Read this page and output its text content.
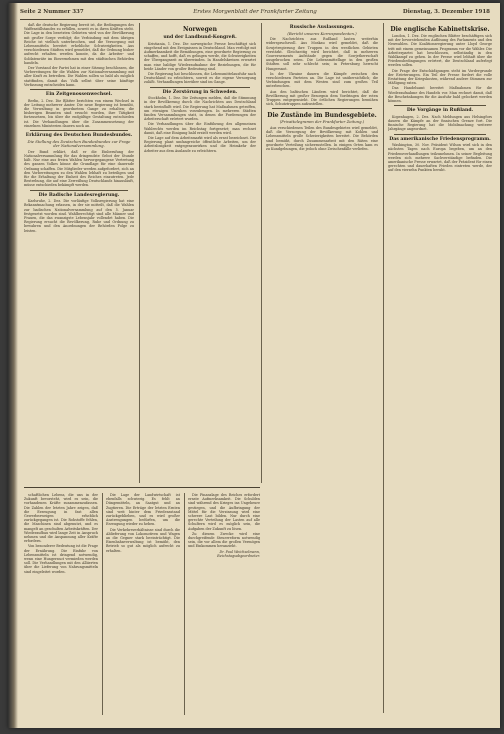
Seite 2 Nummer 337	Erstes Morgenblatt der Frankfurter Zeitung	Dienstag, 3. Dezember 1918

daß die deutsche Regierung bereit ist, die Bedingungen des Waffenstillstandes zu erfüllen, soweit es in ihren Kräften steht. Die Lage in den besetzten Gebieten wird von der Bevölkerung mit großer Sorge verfolgt; die Verbindung mit dem übrigen Reiche ist vielfach unterbrochen, und die Versorgung mit Lebensmitteln bereitet erhebliche Schwierigkeiten. Aus verschiedenen Städten wird gemeldet, daß die Ordnung bisher aufrecht erhalten werden konnte, da die Arbeiter- und Soldatenräte im Einvernehmen mit den städtischen Behörden handeln.

Der Vorstand der Partei hat in einer Sitzung beschlossen, die Vorbereitungen für die Wahlen zur Nationalversammlung mit aller Kraft zu betreiben. Die Wahlen sollen so bald als möglich stattfinden, damit das Volk selbst über seine künftige Verfassung entscheiden kann.

Ein Zeitgenossenwechsel.

Berlin, 2. Dez. Die Blätter berichten von einem Wechsel in der Leitung mehrerer Ämter. Die neue Regierung ist bemüht, die Verwaltung in geordnetem Gange zu erhalten; die bisherigen Beamten sind ersucht worden, ihre Tätigkeit fortzusetzen, bis über die endgültige Gestaltung entschieden ist. Die Verhandlungen über die Zusammensetzung der einzelnen Ministerien dauern noch an.

Erklärung des Deutschen Bundesbundes.
Die Stellung des Deutschen Bundesbundes zur Frage der Nationalversammlung.

Der Bund erklärt, daß er die Einberufung der Nationalversammlung für das dringendste Gebot der Stunde hält. Nur eine aus freien Wahlen hervorgegangene Vertretung des ganzen Volkes könne die Grundlage für eine dauernde Ordnung schaffen. Die Mitglieder werden aufgefordert, sich an den Vorbereitungen zu den Wahlen lebhaft zu beteiligen und für die Erhaltung der Einheit des Reiches einzutreten. Jede Bestrebung, die auf eine Zerreißung Deutschlands hinausläuft, müsse entschieden bekämpft werden.

Die Badische Landesregierung.

Karlsruhe, 2. Dez. Die vorläufige Volksregierung hat eine Bekanntmachung erlassen, in der sie mitteilt, daß die Wahlen zur badischen Nationalversammlung auf den 5. Januar festgesetzt worden sind. Wahlberechtigt sind alle Männer und Frauen, die das zwanzigste Lebensjahr vollendet haben. Die Regierung ersucht die Bevölkerung, Ruhe und Ordnung zu bewahren und den Anordnungen der Behörden Folge zu leisten.

Norwegen
und der Landbund-Kongreß.

Kristiania, 1. Dez. Die norwegische Presse beschäftigt sich eingehend mit den Ereignissen in Deutschland. Man verfolgt mit Aufmerksamkeit die Bemühungen, eine geordnete Regierung zu schaffen, und hofft, daß es gelingen werde, die Schwierigkeiten der Übergangszeit zu überwinden. In Handelskreisen erwartet man eine baldige Wiederaufnahme der Beziehungen, die für beide Länder von großer Bedeutung sind.

Die Regierung hat beschlossen, die Lebensmittelausfuhr nach Deutschland zu erleichtern, soweit es die eigene Versorgung zuläßt. Verhandlungen hierüber sind im Gange.

Die Zerstörung in Schweden.

Stockholm, 1. Dez. Die Zeitungen melden, daß die Stimmung in der Bevölkerung durch die Nachrichten aus Deutschland stark beeinflußt wird. Die Regierung hat Maßnahmen getroffen, um etwaigen Unruhen vorzubeugen. In mehreren Städten fanden Versammlungen statt, in denen die Forderungen der Arbeiterschaft erörtert wurden.

Die Verhandlungen über die Einführung des allgemeinen Wahlrechts werden im Reichstag fortgesetzt; man rechnet damit, daß eine Einigung bald erzielt werden wird.

Die Lage auf dem Arbeitsmarkt wird als ernst bezeichnet. Die Regierung plant umfangreiche öffentliche Arbeiten, um der Arbeitslosigkeit entgegenzuwirken und die Heimkehr der Arbeiter aus dem Auslande zu erleichtern.

Russische Auslassungen.
(Bericht unseres Korrespondenten.)

Die Nachrichten aus Rußland lauten weiterhin widerspruchsvoll. Aus Moskau wird gemeldet, daß die Sowjetregierung ihre Truppen in den westlichen Gebieten verstärkt. Gleichzeitig wird berichtet, daß in mehreren Gouvernements Aufstände gegen die Sowjetherrschaft ausgebrochen seien. Die Lebensmittellage in den großen Städten soll sehr schlecht sein; in Petersburg herrscht Hungersnot.

In der Ukraine dauern die Kämpfe zwischen den verschiedenen Parteien an. Die Lage ist unübersichtlich; die Verbindungen mit dem Westen sind zum großen Teil unterbrochen.

Aus den baltischen Ländern wird berichtet, daß die Bevölkerung mit großer Besorgnis dem Vordringen der roten Truppen entgegensieht. Die örtlichen Regierungen bemühen sich, Schutztruppen aufzustellen.

Die Zustände im Bundesgebiete.
(Privattelegramm der Frankfurter Zeitung.)

Aus verschiedenen Teilen des Bundesgebietes wird gemeldet, daß die Versorgung der Bevölkerung mit Kohlen und Lebensmitteln große Schwierigkeiten bereitet. Die Behörden sind bemüht, durch Zusammenarbeit mit den Räten eine geordnete Verteilung sicherzustellen. In einigen Orten kam es zu Kundgebungen, die jedoch ohne Zwischenfälle verliefen.

Die englische Kabinettskrise.

London, 1. Dez. Die englischen Blätter beschäftigen sich mit der bevorstehenden Auflösung des Parlaments und den Neuwahlen. Die Koalitionsregierung unter Lloyd George tritt mit einem gemeinsamen Programm vor die Wähler. Die Arbeiterpartei hat beschlossen, selbständig in den Wahlkampf zu gehen. In der Presse wird lebhaft über die Friedensbedingungen erörtert, die Deutschland auferlegt werden sollen.

Die Frage der Entschädigungen steht im Vordergrunde der Erörterungen. Ein Teil der Presse fordert die volle Erstattung der Kriegskosten, während andere Stimmen zur Mäßigung raten.

Das Handelsamt bereitet Maßnahmen für die Wiederaufnahme des Handels vor. Man rechnet damit, daß die Beschränkungen für die Ausfuhr bald gelockert werden können.

Die Vorgänge in Rußland.

Kopenhagen, 2. Dez. Nach Meldungen aus Helsingfors dauern die Kämpfe an der finnischen Grenze fort. Die finnische Regierung hat die Mobilmachung weiterer Jahrgänge angeordnet.

Das amerikanische Friedensprogramm.

Washington, 30. Nov. Präsident Wilson wird sich in den nächsten Tagen nach Europa begeben, um an den Friedensverhandlungen teilzunehmen. In seiner Begleitung werden sich mehrere Sachverständige befinden. Die amerikanische Presse erwartet, daß der Präsident für einen gerechten und dauerhaften Frieden eintreten werde, der auf den vierzehn Punkten beruht.

schaftlichen Lebens, die uns in der Zukunft bevorsteht, wird es sein, die vorhandenen Kräfte zusammenzufassen. Die Zahlen der letzten Jahre zeigen, daß die Erzeugung in fast allen Gewerbezweigen erheblich zurückgegangen ist. Die Rohstoffe fehlen, die Maschinen sind abgenutzt, und es mangelt an geschulten Arbeitskräften. Der Wiederaufbau wird lange Zeit in Anspruch nehmen und die Anspannung aller Kräfte erfordern.

Von besonderer Bedeutung ist die Frage der Ernährung. Die Einfuhr von Lebensmitteln ist dringend notwendig, wenn eine Hungersnot vermieden werden soll. Die Verhandlungen mit den Alliierten über die Lieferung von Nahrungsmitteln sind eingeleitet worden.

Die Lage der Landwirtschaft ist ebenfalls schwierig. Es fehlt an Düngemitteln, an Saatgut und an Zugtieren. Die Erträge der letzten Ernten sind weit hinter dem Friedensstand zurückgeblieben, und es wird großer Anstrengungen bedürfen, um die Erzeugung wieder zu heben.

Die Verkehrsverhältnisse sind durch die Ablieferung von Lokomotiven und Wagen an die Gegner stark beeinträchtigt. Die Eisenbahnverwaltung ist bemüht, den Betrieb so gut als möglich aufrecht zu erhalten.

Die Finanzlage des Reiches erfordert ernste Aufmerksamkeit. Die Schulden sind während des Krieges ins Ungeheure gestiegen, und die Aufbringung der Mittel für die Verzinsung wird eine schwere Last bilden. Nur durch eine gerechte Verteilung der Lasten auf alle Schultern wird es möglich sein, die Aufgaben der Zukunft zu lösen.

Zu diesem Zwecke wird eine durchgreifende Steuerreform notwendig sein, die vor allem die großen Vermögen und Einkommen heranzieht.

Dr. Paul Weichselmann, Reichstagsabgeordneter.
